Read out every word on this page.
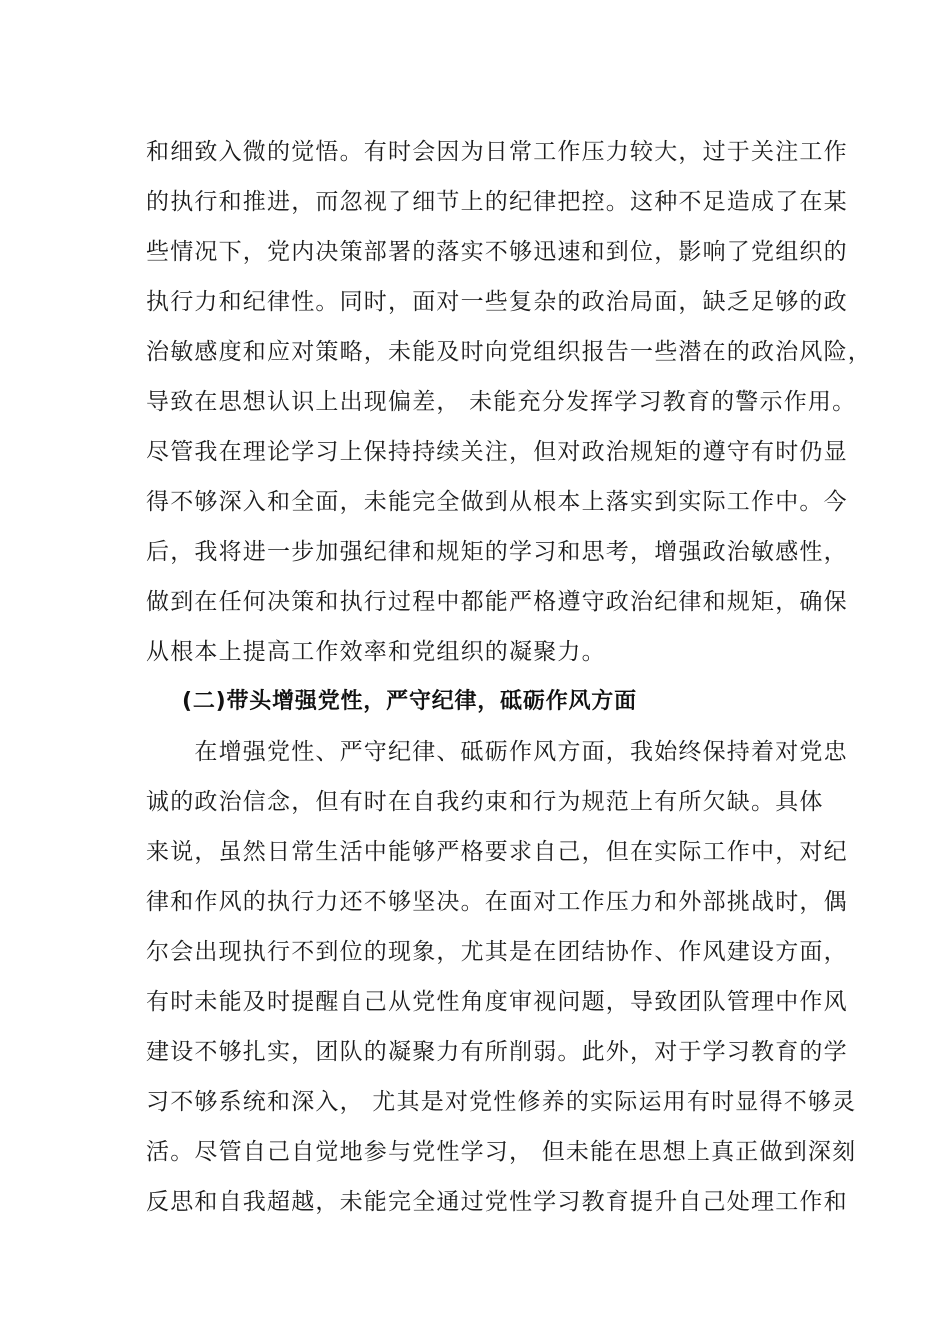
和细致入微的觉悟。有时会因为日常工作压力较大，过于关注工作
的执行和推进，而忽视了细节上的纪律把控。这种不足造成了在某
些情况下，党内决策部署的落实不够迅速和到位，影响了党组织的
执行力和纪律性。同时，面对一些复杂的政治局面，缺乏足够的政
治敏感度和应对策略，未能及时向党组织报告一些潜在的政治风险，
导致在思想认识上出现偏差， 未能充分发挥学习教育的警示作用。
尽管我在理论学习上保持持续关注，但对政治规矩的遵守有时仍显
得不够深入和全面，未能完全做到从根本上落实到实际工作中。今
后，我将进一步加强纪律和规矩的学习和思考，增强政治敏感性，
做到在任何决策和执行过程中都能严格遵守政治纪律和规矩，确保
从根本上提高工作效率和党组织的凝聚力。
(二)带头增强党性，严守纪律，砥砺作风方面
　　在增强党性、严守纪律、砥砺作风方面，我始终保持着对党忠
诚的政治信念，但有时在自我约束和行为规范上有所欠缺。具体
来说，虽然日常生活中能够严格要求自己，但在实际工作中，对纪
律和作风的执行力还不够坚决。在面对工作压力和外部挑战时，偶
尔会出现执行不到位的现象，尤其是在团结协作、作风建设方面，
有时未能及时提醒自己从党性角度审视问题，导致团队管理中作风
建设不够扎实，团队的凝聚力有所削弱。此外，对于学习教育的学
习不够系统和深入， 尤其是对党性修养的实际运用有时显得不够灵
活。尽管自己自觉地参与党性学习， 但未能在思想上真正做到深刻
反思和自我超越，未能完全通过党性学习教育提升自己处理工作和
